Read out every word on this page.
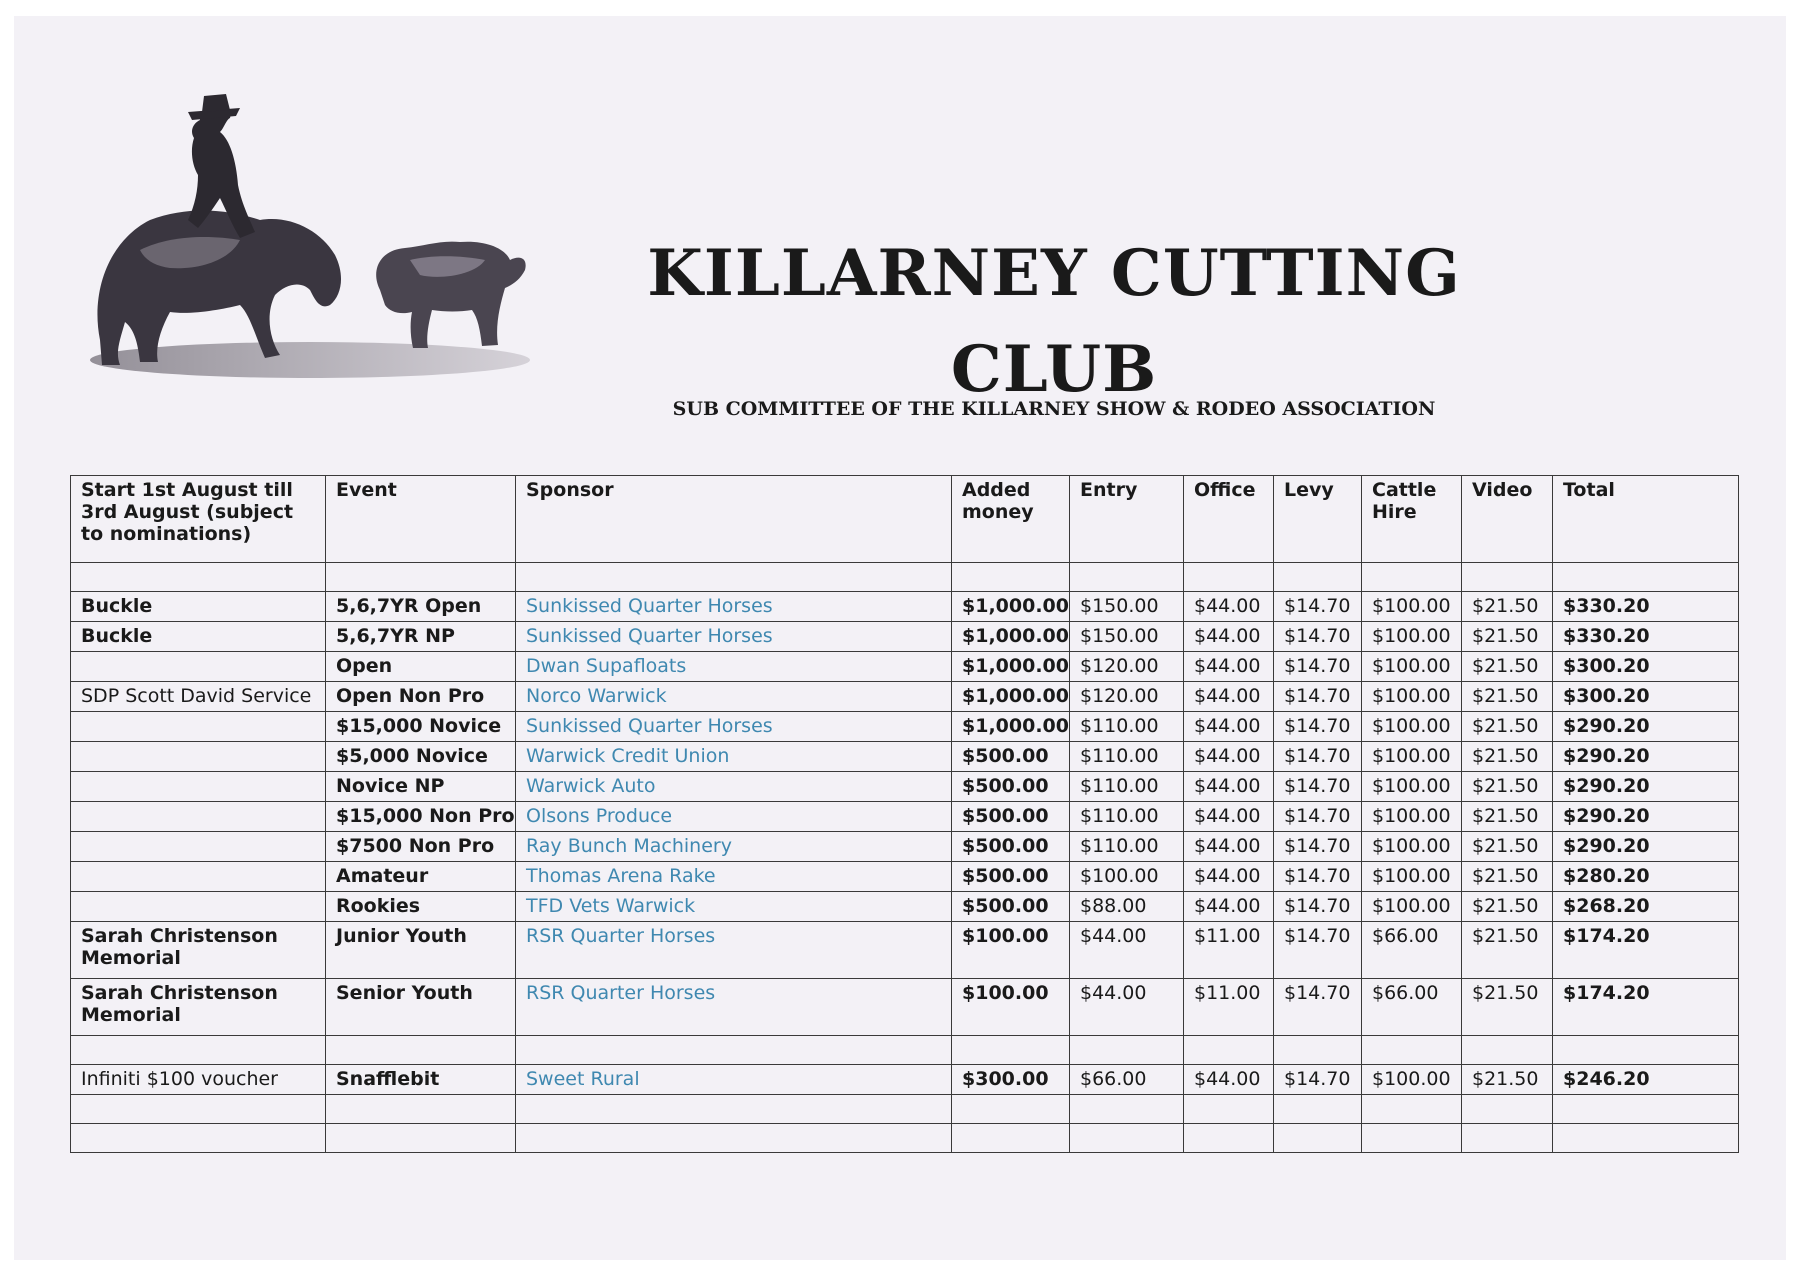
KILLARNEY CUTTING
CLUB
SUB COMMITTEE OF THE KILLARNEY SHOW & RODEO ASSOCIATION
Start 1st August till 3rd August (subject to nominations)	Event	Sponsor	Added money	Entry	Office	Levy	Cattle Hire	Video	Total

Buckle	5,6,7YR Open	Sunkissed Quarter Horses	$1,000.00	$150.00	$44.00	$14.70	$100.00	$21.50	$330.20
Buckle	5,6,7YR NP	Sunkissed Quarter Horses	$1,000.00	$150.00	$44.00	$14.70	$100.00	$21.50	$330.20
	Open	Dwan Supafloats	$1,000.00	$120.00	$44.00	$14.70	$100.00	$21.50	$300.20
SDP Scott David Service	Open Non Pro	Norco Warwick	$1,000.00	$120.00	$44.00	$14.70	$100.00	$21.50	$300.20
	$15,000 Novice	Sunkissed Quarter Horses	$1,000.00	$110.00	$44.00	$14.70	$100.00	$21.50	$290.20
	$5,000 Novice	Warwick Credit Union	$500.00	$110.00	$44.00	$14.70	$100.00	$21.50	$290.20
	Novice NP	Warwick Auto	$500.00	$110.00	$44.00	$14.70	$100.00	$21.50	$290.20
	$15,000 Non Pro	Olsons Produce	$500.00	$110.00	$44.00	$14.70	$100.00	$21.50	$290.20
	$7500 Non Pro	Ray Bunch Machinery	$500.00	$110.00	$44.00	$14.70	$100.00	$21.50	$290.20
	Amateur	Thomas Arena Rake	$500.00	$100.00	$44.00	$14.70	$100.00	$21.50	$280.20
	Rookies	TFD Vets Warwick	$500.00	$88.00	$44.00	$14.70	$100.00	$21.50	$268.20
Sarah Christenson Memorial	Junior Youth	RSR Quarter Horses	$100.00	$44.00	$11.00	$14.70	$66.00	$21.50	$174.20
Sarah Christenson Memorial	Senior Youth	RSR Quarter Horses	$100.00	$44.00	$11.00	$14.70	$66.00	$21.50	$174.20

Infiniti $100 voucher	Snafflebit	Sweet Rural	$300.00	$66.00	$44.00	$14.70	$100.00	$21.50	$246.20
